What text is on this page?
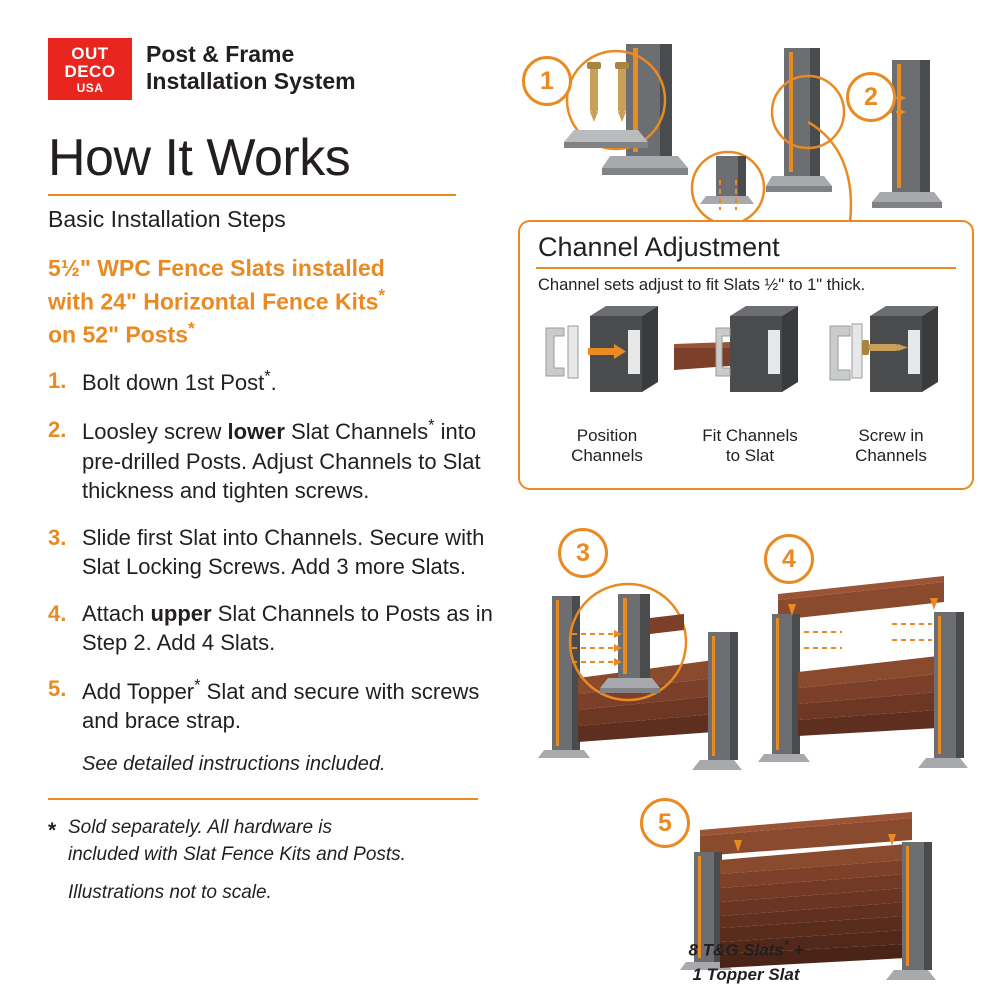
OUT
DECO
USA
Post & Frame
Installation System
How It Works
Basic Installation Steps
5½" WPC Fence Slats installed
with 24" Horizontal Fence Kits*
on 52" Posts*
1. Bolt down 1st Post*.
2. Loosley screw lower Slat Channels* into pre-drilled Posts. Adjust Channels to Slat thickness and tighten screws.
3. Slide first Slat into Channels. Secure with Slat Locking Screws. Add 3 more Slats.
4. Attach upper Slat Channels to Posts as in Step 2. Add 4 Slats.
5. Add Topper* Slat and secure with screws and brace strap.
See detailed instructions included.
* Sold separately. All hardware is

included with Slat Fence Kits and Posts.

Illustrations not to scale.

1
2
Channel Adjustment
Channel sets adjust to fit Slats ½" to 1" thick.
Position
Channels
Fit Channels
to Slat
Screw in
Channels
3	4
5
8 T&G Slats* +
1 Topper Slat
